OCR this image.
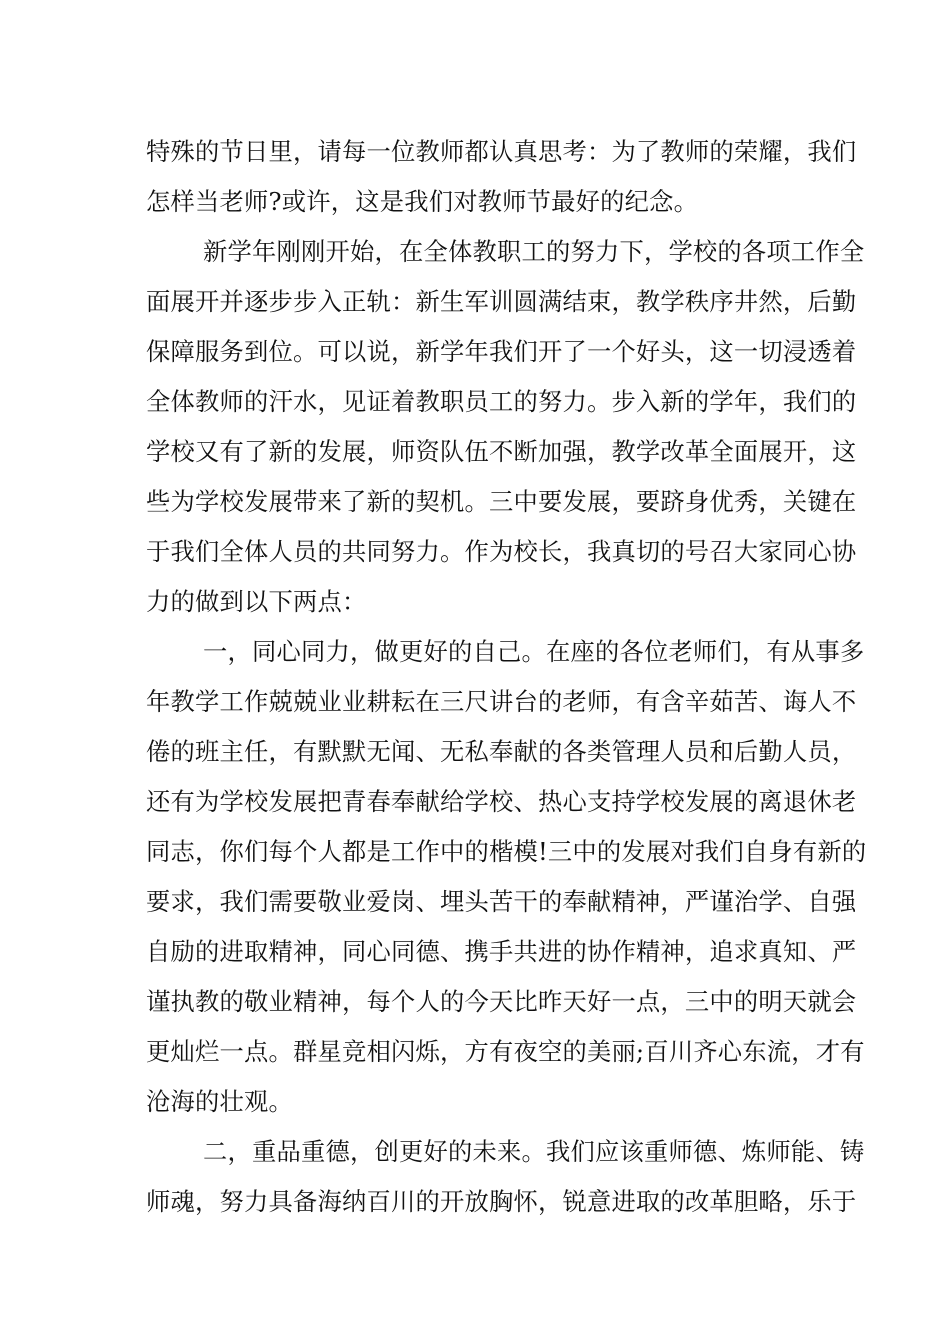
特殊的节日里，请每一位教师都认真思考：为了教师的荣耀，我们
怎样当老师?或许，这是我们对教师节最好的纪念。
新学年刚刚开始，在全体教职工的努力下，学校的各项工作全
面展开并逐步步入正轨：新生军训圆满结束，教学秩序井然，后勤
保障服务到位。可以说，新学年我们开了一个好头，这一切浸透着
全体教师的汗水，见证着教职员工的努力。步入新的学年，我们的
学校又有了新的发展，师资队伍不断加强，教学改革全面展开，这
些为学校发展带来了新的契机。三中要发展，要跻身优秀，关键在
于我们全体人员的共同努力。作为校长，我真切的号召大家同心协
力的做到以下两点：
一，同心同力，做更好的自己。在座的各位老师们，有从事多
年教学工作兢兢业业耕耘在三尺讲台的老师，有含辛茹苦、诲人不
倦的班主任，有默默无闻、无私奉献的各类管理人员和后勤人员，
还有为学校发展把青春奉献给学校、热心支持学校发展的离退休老
同志，你们每个人都是工作中的楷模!三中的发展对我们自身有新的
要求，我们需要敬业爱岗、埋头苦干的奉献精神，严谨治学、自强
自励的进取精神，同心同德、携手共进的协作精神，追求真知、严
谨执教的敬业精神，每个人的今天比昨天好一点，三中的明天就会
更灿烂一点。群星竞相闪烁，方有夜空的美丽;百川齐心东流，才有
沧海的壮观。
二，重品重德，创更好的未来。我们应该重师德、炼师能、铸
师魂，努力具备海纳百川的开放胸怀，锐意进取的改革胆略，乐于
